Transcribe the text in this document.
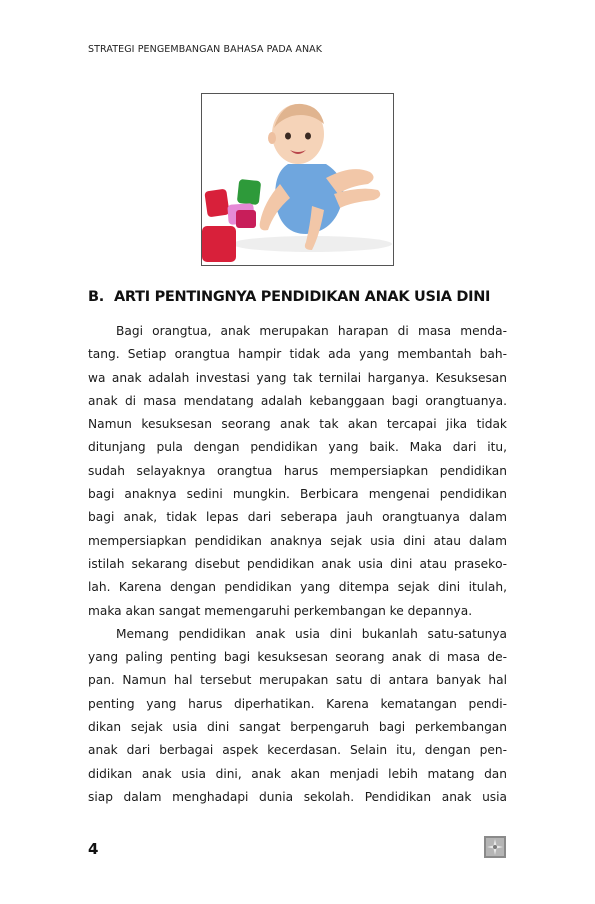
STRATEGI PENGEMBANGAN BAHASA PADA ANAK
B. ARTI PENTINGNYA PENDIDIKAN ANAK USIA DINI
Bagi orangtua, anak merupakan harapan di masa menda-
tang. Setiap orangtua hampir tidak ada yang membantah bah-
wa anak adalah investasi yang tak ternilai harganya. Kesuksesan
anak di masa mendatang adalah kebanggaan bagi orangtuanya.
Namun kesuksesan seorang anak tak akan tercapai jika tidak
ditunjang pula dengan pendidikan yang baik. Maka dari itu,
sudah selayaknya orangtua harus mempersiapkan pendidikan
bagi anaknya sedini mungkin. Berbicara mengenai pendidikan
bagi anak, tidak lepas dari seberapa jauh orangtuanya dalam
mempersiapkan pendidikan anaknya sejak usia dini atau dalam
istilah sekarang disebut pendidikan anak usia dini atau prasekо-
lah. Karena dengan pendidikan yang ditempa sejak dini itulah,
maka akan sangat memengaruhi perkembangan ke depannya.
Memang pendidikan anak usia dini bukanlah satu-satunya
yang paling penting bagi kesuksesan seorang anak di masa de-
pan. Namun hal tersebut merupakan satu di antara banyak hal
penting yang harus diperhatikan. Karena kematangan pendi-
dikan sejak usia dini sangat berpengaruh bagi perkembangan
anak dari berbagai aspek kecerdasan. Selain itu, dengan pen-
didikan anak usia dini, anak akan menjadi lebih matang dan
siap dalam menghadapi dunia sekolah. Pendidikan anak usia
4
